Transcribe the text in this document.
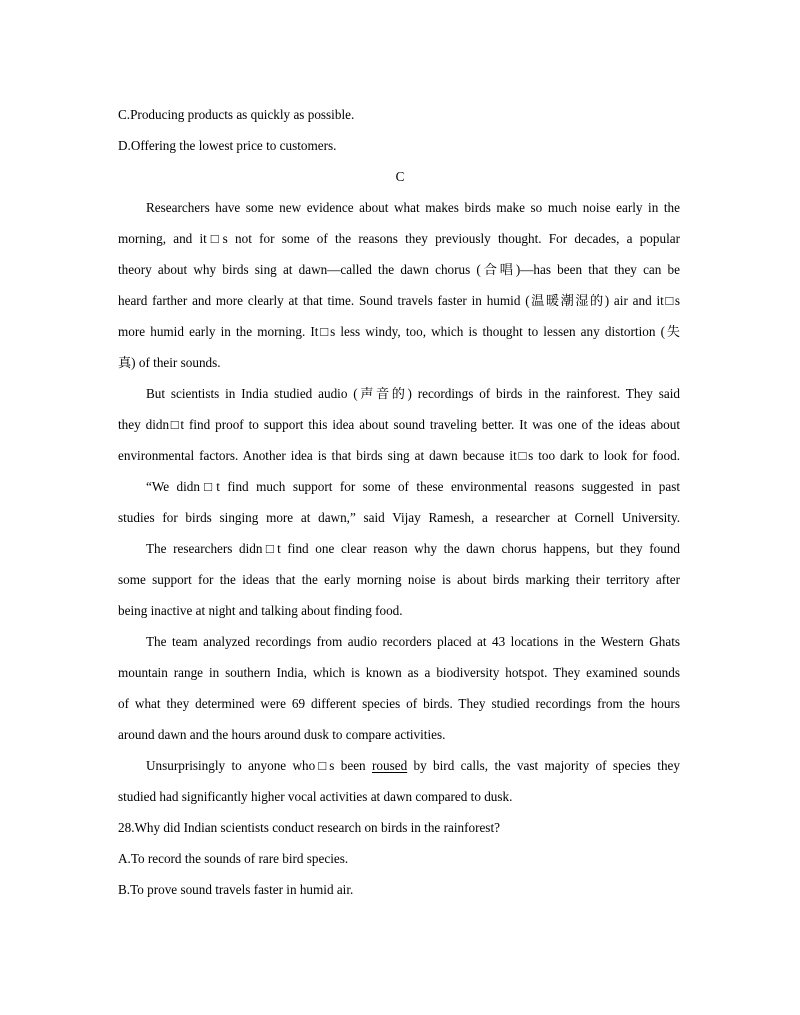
C.Producing products as quickly as possible.
D.Offering the lowest price to customers.
C
Researchers have some new evidence about what makes birds make so much noise early in the
morning, and it□s not for some of the reasons they previously thought. For decades, a popular
theory about why birds sing at dawn—called the dawn chorus (合唱)—has been that they can be
heard farther and more clearly at that time. Sound travels faster in humid (温暖潮湿的) air and it□s
more humid early in the morning. It□s less windy, too, which is thought to lessen any distortion (失
真) of their sounds.
But scientists in India studied audio (声音的) recordings of birds in the rainforest. They said
they didn□t find proof to support this idea about sound traveling better. It was one of the ideas about
environmental factors. Another idea is that birds sing at dawn because it□s too dark to look for food.
“We didn□t find much support for some of these environmental reasons suggested in past
studies for birds singing more at dawn,” said Vijay Ramesh, a researcher at Cornell University.
The researchers didn□t find one clear reason why the dawn chorus happens, but they found
some support for the ideas that the early morning noise is about birds marking their territory after
being inactive at night and talking about finding food.
The team analyzed recordings from audio recorders placed at 43 locations in the Western Ghats
mountain range in southern India, which is known as a biodiversity hotspot. They examined sounds
of what they determined were 69 different species of birds. They studied recordings from the hours
around dawn and the hours around dusk to compare activities.
Unsurprisingly to anyone who□s been roused by bird calls, the vast majority of species they
studied had significantly higher vocal activities at dawn compared to dusk.
28.Why did Indian scientists conduct research on birds in the rainforest?
A.To record the sounds of rare bird species.
B.To prove sound travels faster in humid air.
